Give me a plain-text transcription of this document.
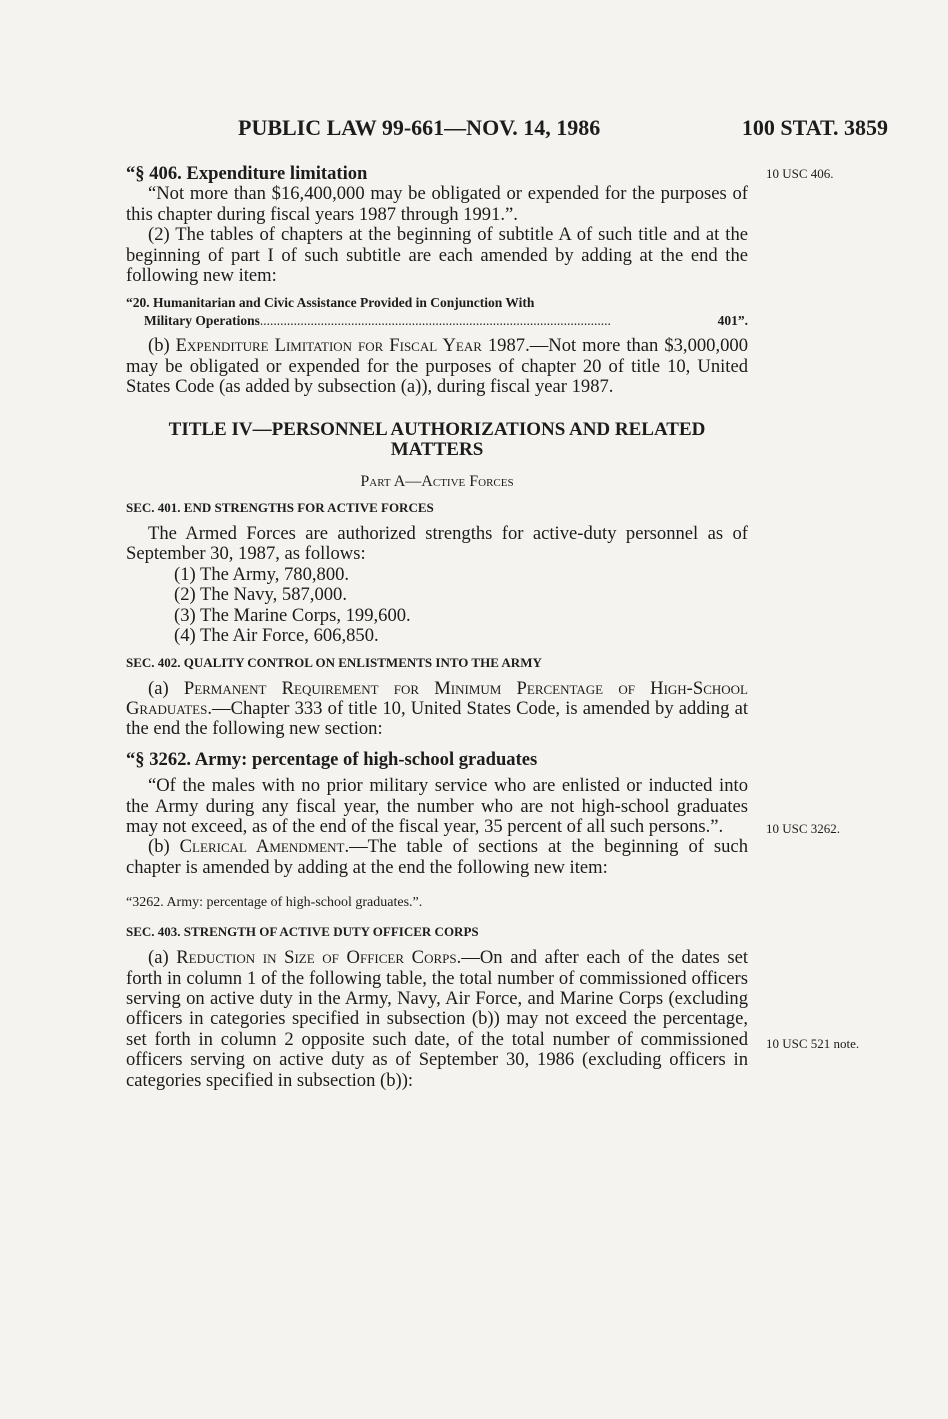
PUBLIC LAW 99-661—NOV. 14, 1986	100 STAT. 3859
10 USC 406.
10 USC 3262.
10 USC 521 note.

“§ 406. Expenditure limitation

“Not more than $16,400,000 may be obligated or expended for the purposes of this chapter during fiscal years 1987 through 1991.”.

(2) The tables of chapters at the beginning of subtitle A of such title and at the beginning of part I of such subtitle are each amended by adding at the end the following new item:

“20. Humanitarian and Civic Assistance Provided in Conjunction With
Military Operations ........................................................................................................	401”.

(b) Expenditure Limitation for Fiscal Year 1987.—Not more than $3,000,000 may be obligated or expended for the purposes of chapter 20 of title 10, United States Code (as added by subsection (a)), during fiscal year 1987.

TITLE IV—PERSONNEL AUTHORIZATIONS AND RELATED MATTERS
Part A—Active Forces
SEC. 401. END STRENGTHS FOR ACTIVE FORCES

The Armed Forces are authorized strengths for active-duty personnel as of September 30, 1987, as follows:

(1) The Army, 780,800.

(2) The Navy, 587,000.

(3) The Marine Corps, 199,600.

(4) The Air Force, 606,850.

SEC. 402. QUALITY CONTROL ON ENLISTMENTS INTO THE ARMY

(a) Permanent Requirement for Minimum Percentage of High-School Graduates.—Chapter 333 of title 10, United States Code, is amended by adding at the end the following new section:

“§ 3262. Army: percentage of high-school graduates

“Of the males with no prior military service who are enlisted or inducted into the Army during any fiscal year, the number who are not high-school graduates may not exceed, as of the end of the fiscal year, 35 percent of all such persons.”.

(b) Clerical Amendment.—The table of sections at the beginning of such chapter is amended by adding at the end the following new item:

“3262. Army: percentage of high-school graduates.”.
SEC. 403. STRENGTH OF ACTIVE DUTY OFFICER CORPS

(a) Reduction in Size of Officer Corps.—On and after each of the dates set forth in column 1 of the following table, the total number of commissioned officers serving on active duty in the Army, Navy, Air Force, and Marine Corps (excluding officers in categories specified in subsection (b)) may not exceed the percentage, set forth in column 2 opposite such date, of the total number of commissioned officers serving on active duty as of September 30, 1986 (excluding officers in categories specified in subsection (b)):
